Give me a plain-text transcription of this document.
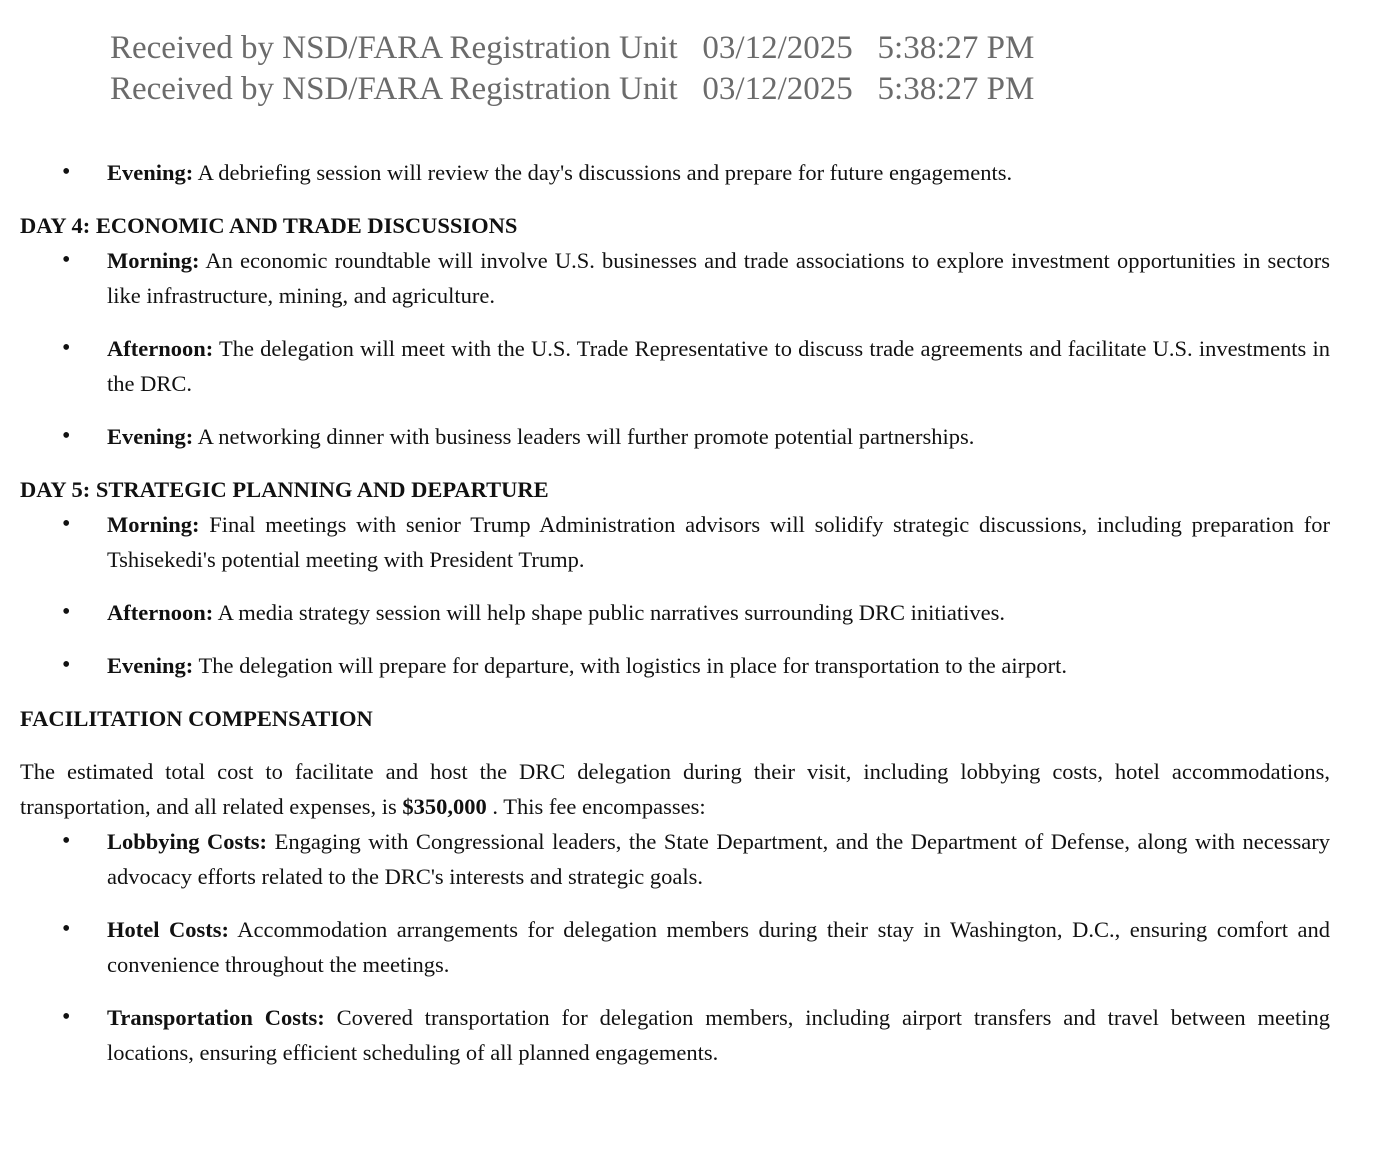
Received by NSD/FARA Registration Unit   03/12/2025   5:38:27 PM
Received by NSD/FARA Registration Unit   03/12/2025   5:38:27 PM
• Evening: A debriefing session will review the day's discussions and prepare for future engagements.
DAY 4: ECONOMIC AND TRADE DISCUSSIONS
• Morning: An economic roundtable will involve U.S. businesses and trade associations to explore investment opportunities in sectors like infrastructure, mining, and agriculture.
• Afternoon: The delegation will meet with the U.S. Trade Representative to discuss trade agreements and facilitate U.S. investments in the DRC.
• Evening: A networking dinner with business leaders will further promote potential partnerships.
DAY 5: STRATEGIC PLANNING AND DEPARTURE
• Morning: Final meetings with senior Trump Administration advisors will solidify strategic discussions, including preparation for Tshisekedi's potential meeting with President Trump.
• Afternoon: A media strategy session will help shape public narratives surrounding DRC initiatives.
• Evening: The delegation will prepare for departure, with logistics in place for transportation to the airport.
FACILITATION COMPENSATION

The estimated total cost to facilitate and host the DRC delegation during their visit, including lobbying costs, hotel accommodations, transportation, and all related expenses, is $350,000 . This fee encompasses:

• Lobbying Costs: Engaging with Congressional leaders, the State Department, and the Department of Defense, along with necessary advocacy efforts related to the DRC's interests and strategic goals.
• Hotel Costs: Accommodation arrangements for delegation members during their stay in Washington, D.C., ensuring comfort and convenience throughout the meetings.
• Transportation Costs: Covered transportation for delegation members, including airport transfers and travel between meeting locations, ensuring efficient scheduling of all planned engagements.
